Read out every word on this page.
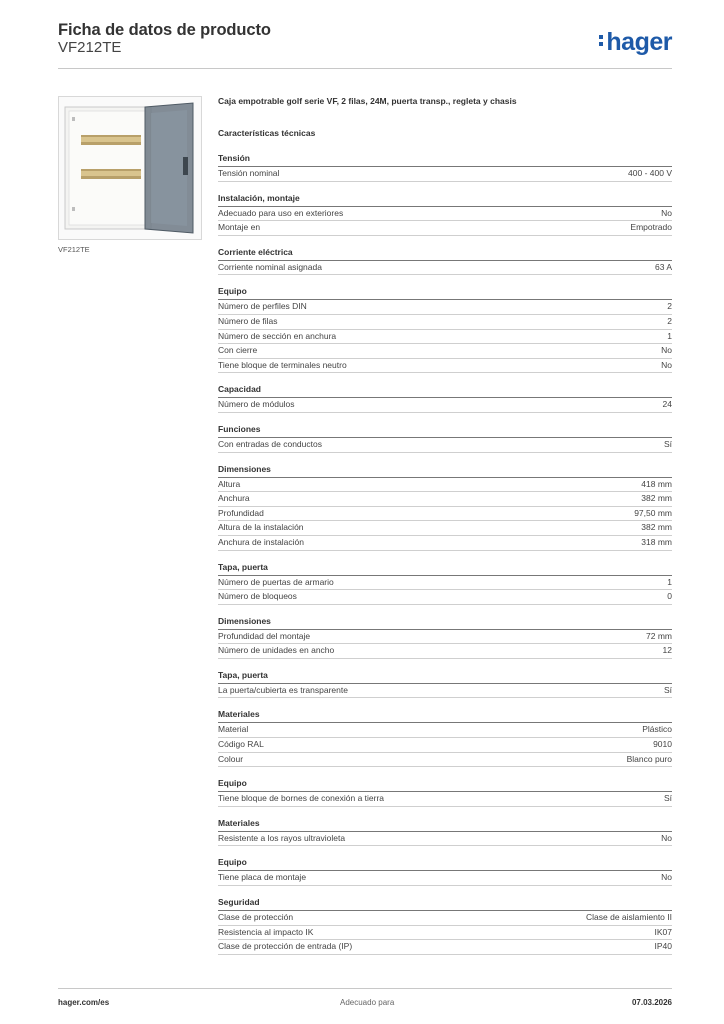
Ficha de datos de producto
VF212TE	hager
VF212TE
Caja empotrable golf serie VF, 2 filas, 24M, puerta transp., regleta y chasis
Características técnicas
Tensión
Tensión nominal	400 - 400 V
Instalación, montaje
Adecuado para uso en exteriores	No
Montaje en	Empotrado
Corriente eléctrica
Corriente nominal asignada	63 A
Equipo
Número de perfiles DIN	2
Número de filas	2
Número de sección en anchura	1
Con cierre	No
Tiene bloque de terminales neutro	No
Capacidad
Número de módulos	24
Funciones
Con entradas de conductos	Sí
Dimensiones
Altura	418 mm
Anchura	382 mm
Profundidad	97,50 mm
Altura de la instalación	382 mm
Anchura de instalación	318 mm
Tapa, puerta
Número de puertas de armario	1
Número de bloqueos	0
Dimensiones
Profundidad del montaje	72 mm
Número de unidades en ancho	12
Tapa, puerta
La puerta/cubierta es transparente	Sí
Materiales
Material	Plástico
Código RAL	9010
Colour	Blanco puro
Equipo
Tiene bloque de bornes de conexión a tierra	Sí
Materiales
Resistente a los rayos ultravioleta	No
Equipo
Tiene placa de montaje	No
Seguridad
Clase de protección	Clase de aislamiento II
Resistencia al impacto IK	IK07
Clase de protección de entrada (IP)	IP40
hager.com/es	Adecuado para	07.03.2026
